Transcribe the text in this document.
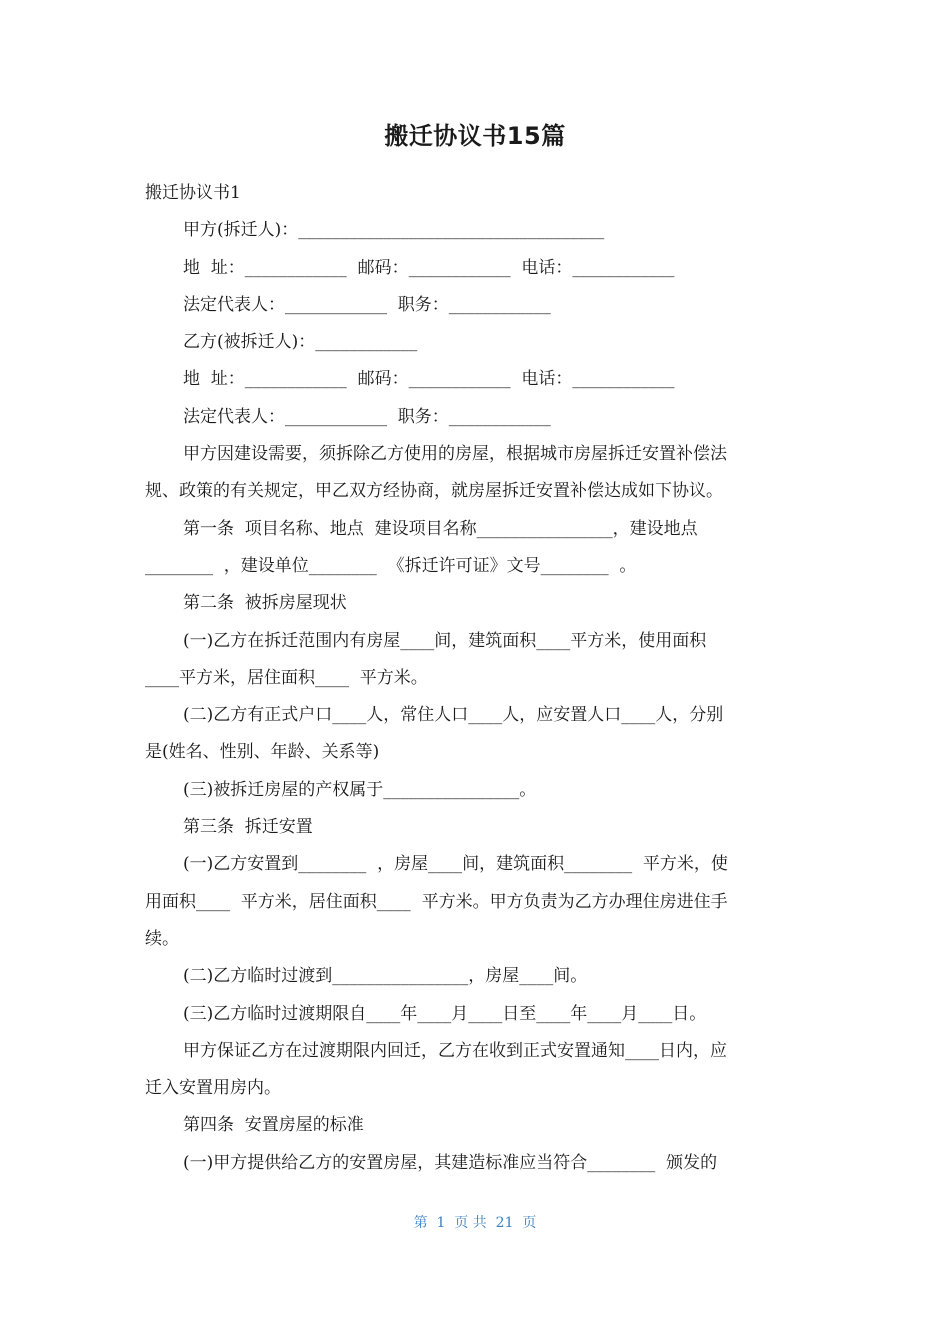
搬迁协议书15篇
搬迁协议书1
甲方(拆迁人)：____________________________________
地  址：____________  邮码：____________  电话：____________
法定代表人：____________  职务：____________
乙方(被拆迁人)：____________
地  址：____________  邮码：____________  电话：____________
法定代表人：____________  职务：____________
甲方因建设需要，须拆除乙方使用的房屋，根据城市房屋拆迁安置补偿法
规、政策的有关规定，甲乙双方经协商，就房屋拆迁安置补偿达成如下协议。
第一条  项目名称、地点  建设项目名称________________，建设地点
________  ，建设单位________  《拆迁许可证》文号________  。
第二条  被拆房屋现状
(一)乙方在拆迁范围内有房屋____间，建筑面积____平方米，使用面积
____平方米，居住面积____  平方米。
(二)乙方有正式户口____人，常住人口____人，应安置人口____人，分别
是(姓名、性别、年龄、关系等)
(三)被拆迁房屋的产权属于________________。
第三条  拆迁安置
(一)乙方安置到________  ，房屋____间，建筑面积________  平方米，使
用面积____  平方米，居住面积____  平方米。甲方负责为乙方办理住房进住手
续。
(二)乙方临时过渡到________________，房屋____间。
(三)乙方临时过渡期限自____年____月____日至____年____月____日。
甲方保证乙方在过渡期限内回迁，乙方在收到正式安置通知____日内，应
迁入安置用房内。
第四条  安置房屋的标准
(一)甲方提供给乙方的安置房屋，其建造标准应当符合________  颁发的
第  1  页 共  21  页
